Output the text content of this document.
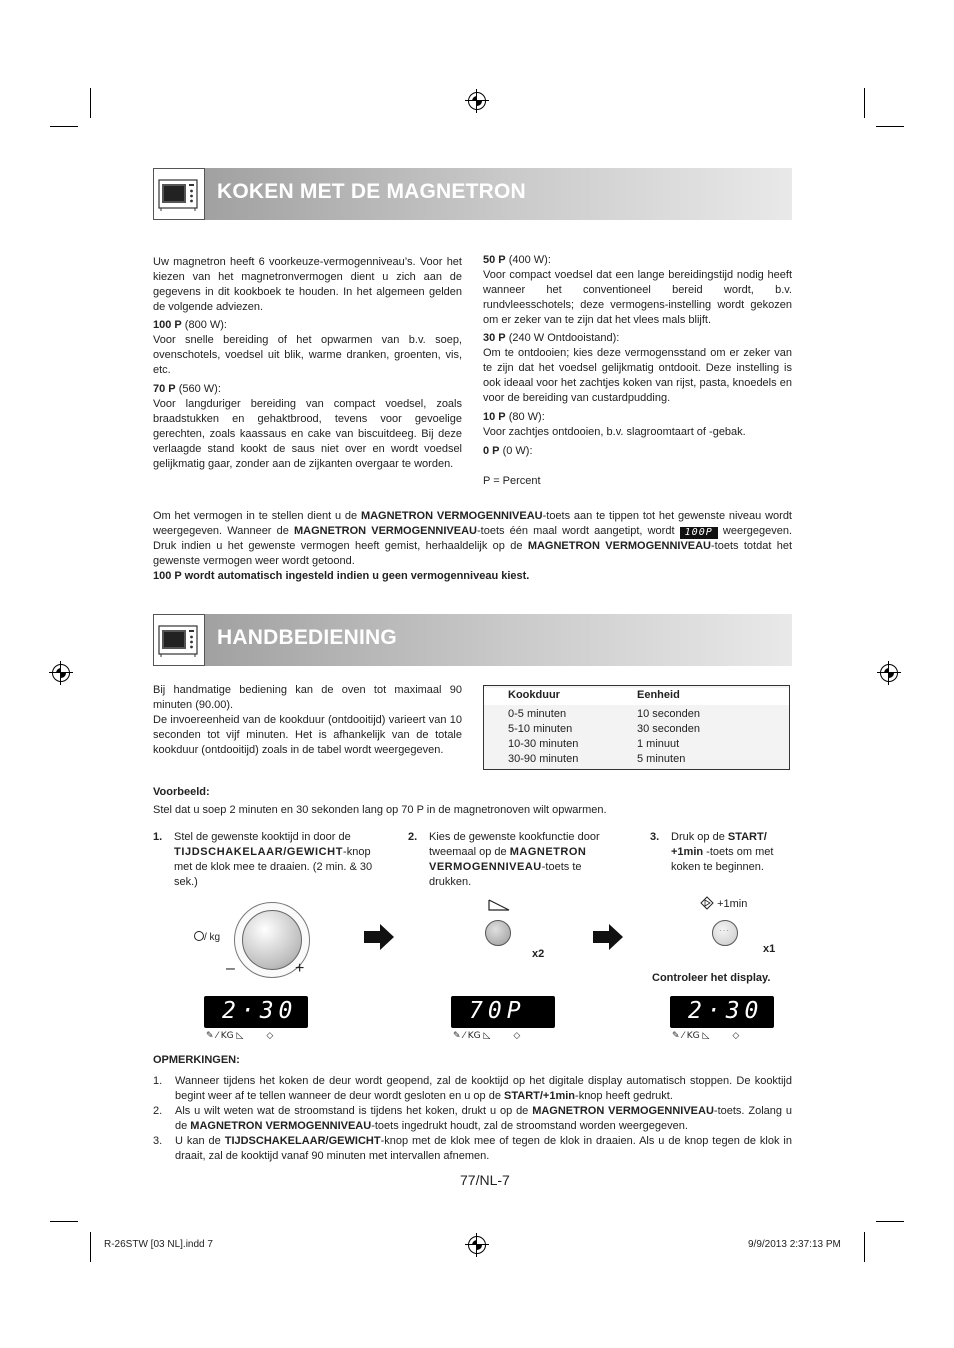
KOKEN MET DE MAGNETRON

Uw magnetron heeft 6 voorkeuze-vermogenniveau’s. Voor het kiezen van het magnetronvermogen dient u zich aan de gegevens in dit kookboek te houden. In het algemeen gelden de volgende adviezen.

100 P (800 W):

Voor snelle bereiding of het opwarmen van b.v. soep, ovenschotels, voedsel uit blik, warme dranken, groenten, vis, etc.

70 P (560 W):

Voor langduriger bereiding van compact voedsel, zoals braadstukken en gehaktbrood, tevens voor gevoelige gerechten, zoals kaassaus en cake van biscuitdeeg. Bij deze verlaagde stand kookt de saus niet over en wordt voedsel gelijkmatig gaar, zonder aan de zijkanten overgaar te worden.

50 P (400 W):

Voor compact voedsel dat een lange bereidingstijd nodig heeft wanneer het conventioneel bereid wordt, b.v. rundvleesschotels; deze vermogens-instelling wordt gekozen om er zeker van te zijn dat het vlees mals blijft.

30 P (240 W Ontdooistand):

Om te ontdooien; kies deze vermogensstand om er zeker van te zijn dat het voedsel gelijkmatig ontdooit. Deze instelling is ook ideaal voor het zachtjes koken van rijst, pasta, knoedels en voor de bereiding van custardpudding.

10 P (80 W):

Voor zachtjes ontdooien, b.v. slagroomtaart of -gebak.

0 P (0 W):

P = Percent

Om het vermogen in te stellen dient u de MAGNETRON VERMOGENNIVEAU-toets aan te tippen tot het gewenste niveau wordt weergegeven. Wanneer de MAGNETRON VERMOGENNIVEAU-toets één maal wordt aangetipt, wordt 100P weergegeven. Druk indien u het gewenste vermogen heeft gemist, herhaaldelijk op de MAGNETRON VERMOGENNIVEAU-toets totdat het gewenste vermogen weer wordt getoond.

100 P wordt automatisch ingesteld indien u geen vermogenniveau kiest.

HANDBEDIENING

Bij handmatige bediening kan de oven tot maximaal 90 minuten (90.00).

De invoereenheid van de kookduur (ontdooitijd) varieert van 10 seconden tot vijf minuten. Het is afhankelijk van de totale kookduur (ontdooitijd) zoals in de tabel wordt weergegeven.

Kookduur	Eenheid
0-5 minuten	10 seconden
5-10 minuten	30 seconden
10-30 minuten	1 minuut
30-90 minuten	5 minuten

Voorbeeld:

Stel dat u soep 2 minuten en 30 sekonden lang op 70 P in de magnetronoven wilt opwarmen.

1. Stel de gewenste kooktijd in door de TIJDSCHAKELAAR/GEWICHT-knop met de klok mee te draaien. (2 min. & 30 sek.)

2. Kies de gewenste kookfunctie door tweemaal op de MAGNETRON VERMOGENNIVEAU-toets te drukken.

3. Druk op de START/ +1min -toets om met koken te beginnen.

/ kg
–	+
x2
+1min
···
x1
Controleer het display.
2·30
✎ ⁄ KG ◺        ◇
70P
✎ ⁄ KG ◺        ◇
2·30
✎ ⁄ KG ◺        ◇

OPMERKINGEN:

1. Wanneer tijdens het koken de deur wordt geopend, zal de kooktijd op het digitale display automatisch stoppen. De kooktijd begint weer af te tellen wanneer de deur wordt gesloten en u op de START/+1min-knop heeft gedrukt.

2. Als u wilt weten wat de stroomstand is tijdens het koken, drukt u op de MAGNETRON VERMOGENNIVEAU-toets. Zolang u de MAGNETRON VERMOGENNIVEAU-toets ingedrukt houdt, zal de stroomstand worden weergegeven.

3. U kan de TIJDSCHAKELAAR/GEWICHT-knop met de klok mee of tegen de klok in draaien. Als u de knop tegen de klok in draait, zal de kooktijd vanaf 90 minuten met intervallen afnemen.

77/NL-7
R-26STW [03 NL].indd 7	9/9/2013 2:37:13 PM
